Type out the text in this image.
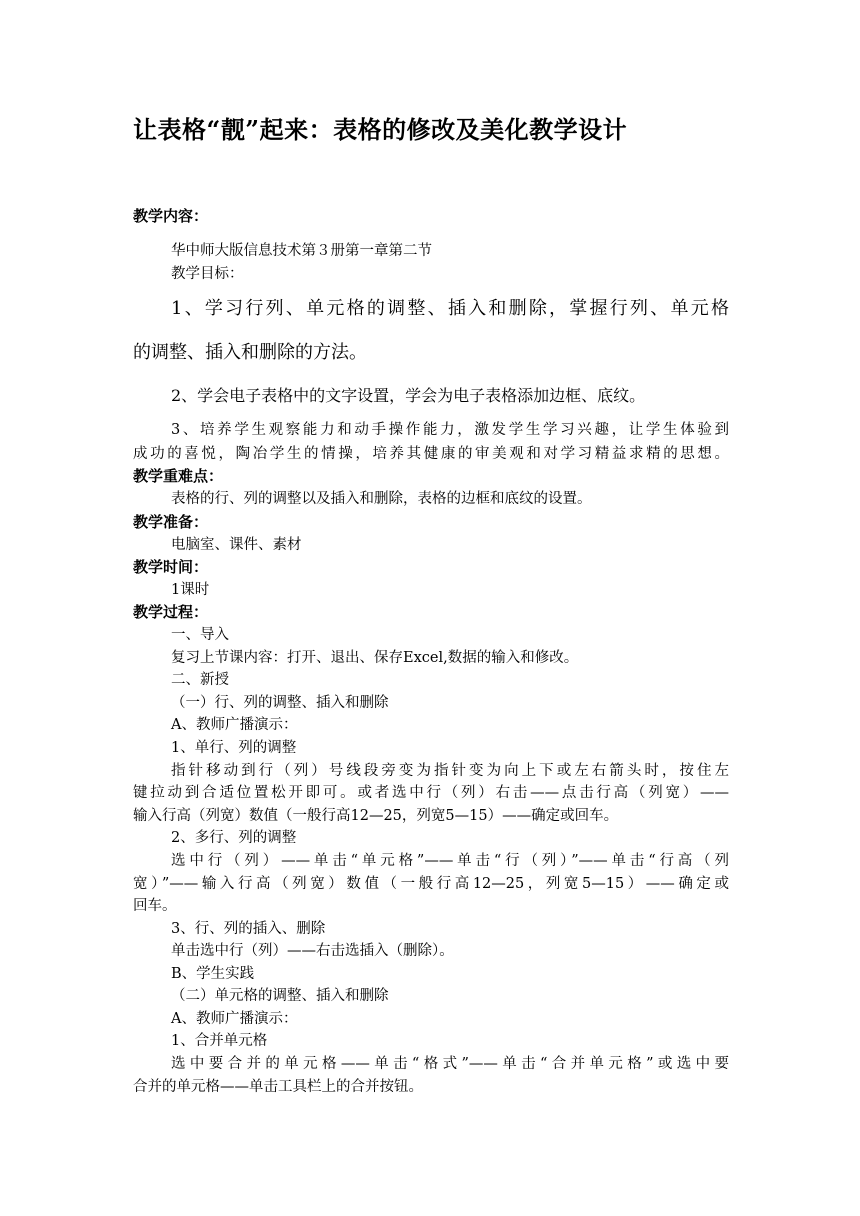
让表格“靓”起来：表格的修改及美化教学设计
教学内容：
华中师大版信息技术第３册第一章第二节
教学目标：
1、学习行列、单元格的调整、插入和删除，掌握行列、单元格
的调整、插入和删除的方法。
2、学会电子表格中的文字设置，学会为电子表格添加边框、底纹。
3、培养学生观察能力和动手操作能力，激发学生学习兴趣，让学生体验到
成功的喜悦，陶冶学生的情操，培养其健康的审美观和对学习精益求精的思想。
教学重难点：
表格的行、列的调整以及插入和删除，表格的边框和底纹的设置。
教学准备：
电脑室、课件、素材
教学时间：
1课时
教学过程：
一、导入
复习上节课内容：打开、退出、保存Excel,数据的输入和修改。
二、新授
（一）行、列的调整、插入和删除
A、教师广播演示：
1、单行、列的调整
指针移动到行（列）号线段旁变为指针变为向上下或左右箭头时，按住左
键拉动到合适位置松开即可。或者选中行（列）右击——点击行高（列宽）——
输入行高（列宽）数值（一般行高12—25，列宽5—15）——确定或回车。
2、多行、列的调整
选中行（列）——单击“单元格”——单击“行（列）”——单击“行高（列
宽）”——输入行高（列宽）数值（一般行高12—25，列宽5—15）——确定或
回车。
3、行、列的插入、删除
单击选中行（列）——右击选插入（删除）。
B、学生实践
（二）单元格的调整、插入和删除
A、教师广播演示：
1、合并单元格
选中要合并的单元格——单击“格式”——单击“合并单元格”或选中要
合并的单元格——单击工具栏上的合并按钮。
